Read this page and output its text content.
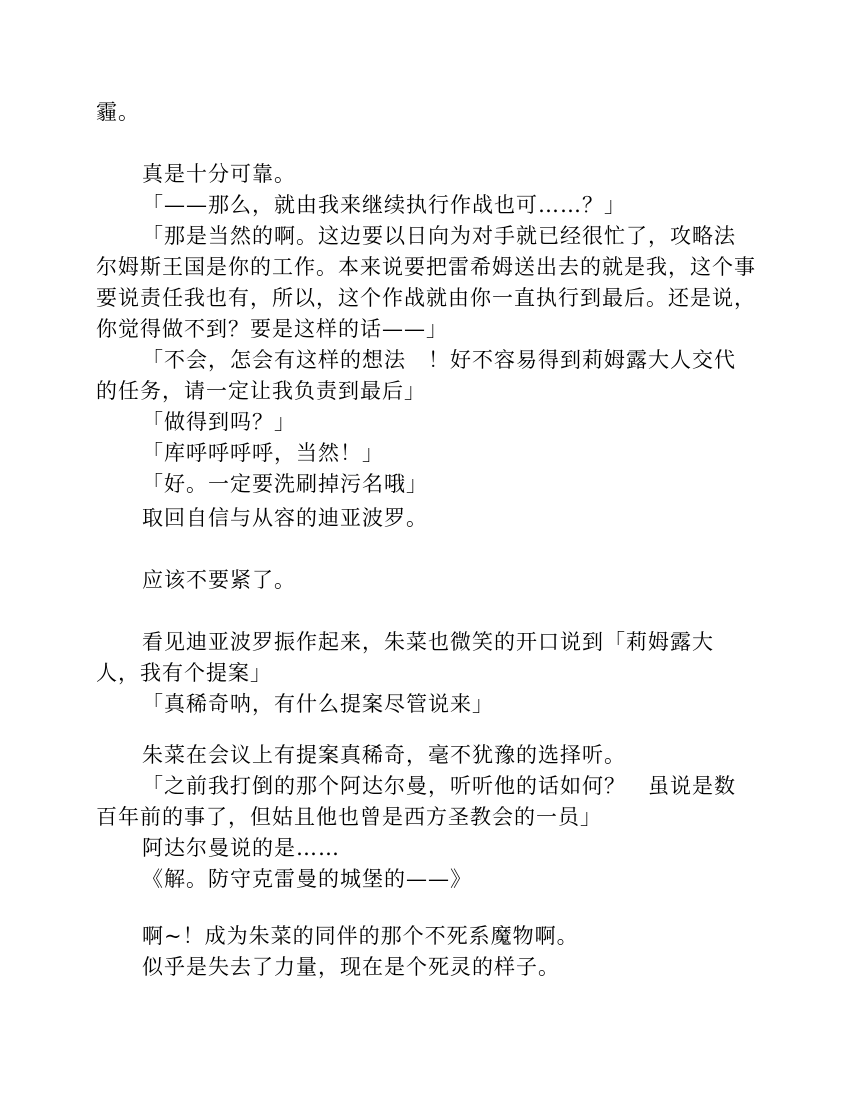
霾。

真是十分可靠。

「——那么，就由我来继续执行作战也可……？」

「那是当然的啊。这边要以日向为对手就已经很忙了，攻略法尔姆斯王国是你的工作。本来说要把雷希姆送出去的就是我，这个事要说责任我也有，所以，这个作战就由你一直执行到最后。还是说，你觉得做不到？要是这样的话——」

「不会，怎会有这样的想法　！好不容易得到莉姆露大人交代的任务，请一定让我负责到最后」

「做得到吗？」

「库呼呼呼呼，当然！」

「好。一定要洗刷掉污名哦」

取回自信与从容的迪亚波罗。

应该不要紧了。

看见迪亚波罗振作起来，朱菜也微笑的开口说到「莉姆露大人，我有个提案」

「真稀奇呐，有什么提案尽管说来」

朱菜在会议上有提案真稀奇，毫不犹豫的选择听。

「之前我打倒的那个阿达尔曼，听听他的话如何？　虽说是数百年前的事了，但姑且他也曾是西方圣教会的一员」

阿达尔曼说的是……

《解。防守克雷曼的城堡的——》

啊~！成为朱菜的同伴的那个不死系魔物啊。

似乎是失去了力量，现在是个死灵的样子。
